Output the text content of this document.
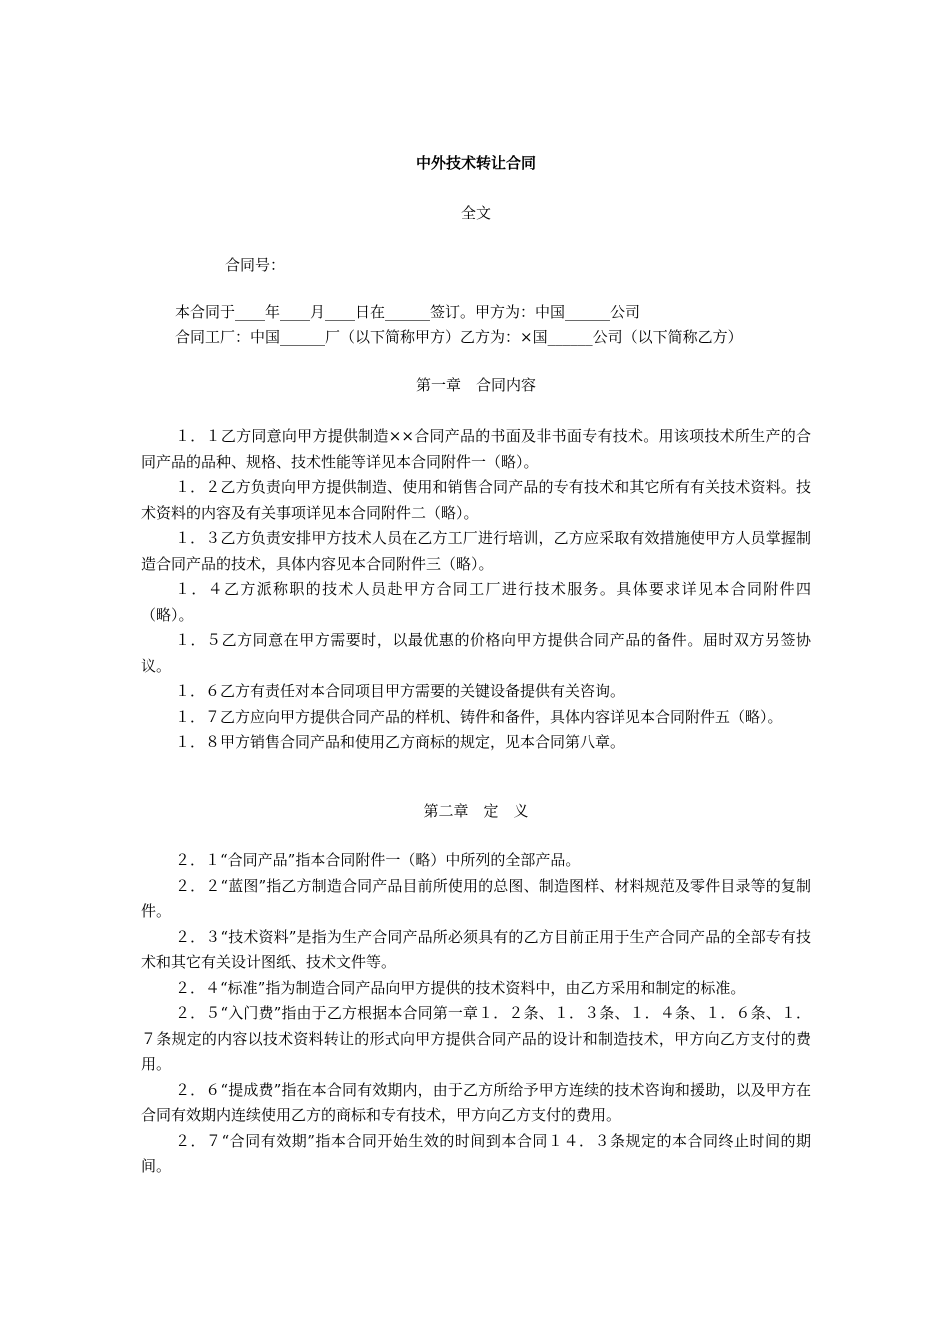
中外技术转让合同
全文
合同号：
本合同于____年____月____日在______签订。甲方为：中国______公司
合同工厂：中国______厂（以下简称甲方）乙方为：×国______公司（以下简称乙方）
第一章　合同内容

１．１乙方同意向甲方提供制造××合同产品的书面及非书面专有技术。用该项技术所生产的合同产品的品种、规格、技术性能等详见本合同附件一（略）。

１．２乙方负责向甲方提供制造、使用和销售合同产品的专有技术和其它所有有关技术资料。技术资料的内容及有关事项详见本合同附件二（略）。

１．３乙方负责安排甲方技术人员在乙方工厂进行培训，乙方应采取有效措施使甲方人员掌握制造合同产品的技术，具体内容见本合同附件三（略）。

１．４乙方派称职的技术人员赴甲方合同工厂进行技术服务。具体要求详见本合同附件四（略）。

１．５乙方同意在甲方需要时，以最优惠的价格向甲方提供合同产品的备件。届时双方另签协议。

１．６乙方有责任对本合同项目甲方需要的关键设备提供有关咨询。

１．７乙方应向甲方提供合同产品的样机、铸件和备件，具体内容详见本合同附件五（略）。

１．８甲方销售合同产品和使用乙方商标的规定，见本合同第八章。

第二章　定　义

２．１“合同产品”指本合同附件一（略）中所列的全部产品。

２．２“蓝图”指乙方制造合同产品目前所使用的总图、制造图样、材料规范及零件目录等的复制件。

２．３“技术资料”是指为生产合同产品所必须具有的乙方目前正用于生产合同产品的全部专有技术和其它有关设计图纸、技术文件等。

２．４“标准”指为制造合同产品向甲方提供的技术资料中，由乙方采用和制定的标准。

２．５“入门费”指由于乙方根据本合同第一章１．２条、１．３条、１．４条、１．６条、１．７条规定的内容以技术资料转让的形式向甲方提供合同产品的设计和制造技术，甲方向乙方支付的费用。

２．６“提成费”指在本合同有效期内，由于乙方所给予甲方连续的技术咨询和援助，以及甲方在合同有效期内连续使用乙方的商标和专有技术，甲方向乙方支付的费用。

２．７“合同有效期”指本合同开始生效的时间到本合同１４．３条规定的本合同终止时间的期间。
